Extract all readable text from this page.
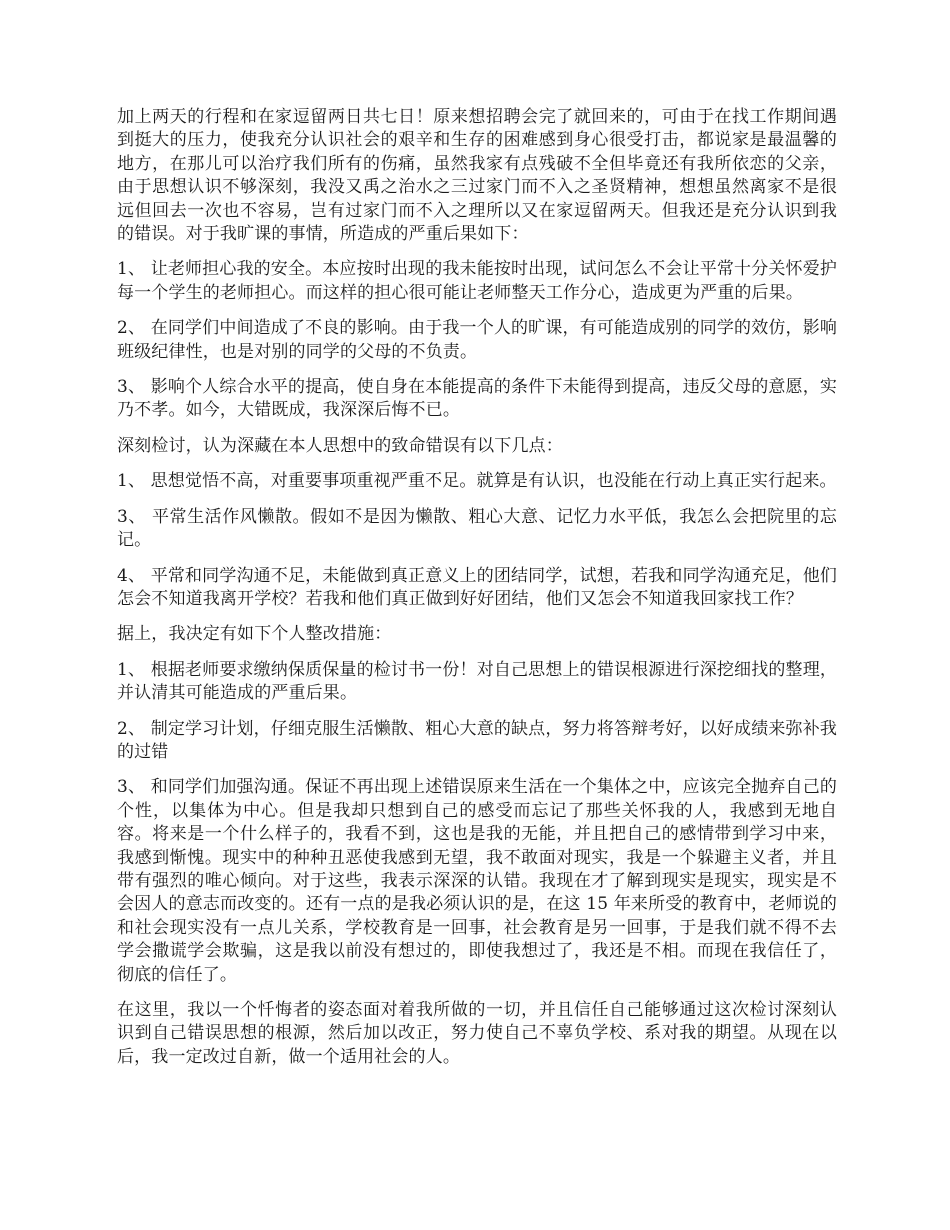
加上两天的行程和在家逗留两日共七日！原来想招聘会完了就回来的，可由于在找工作期间遇到挺大的压力，使我充分认识社会的艰辛和生存的困难感到身心很受打击，都说家是最温馨的地方，在那儿可以治疗我们所有的伤痛，虽然我家有点残破不全但毕竟还有我所依恋的父亲，由于思想认识不够深刻，我没又禹之治水之三过家门而不入之圣贤精神，想想虽然离家不是很远但回去一次也不容易，岂有过家门而不入之理所以又在家逗留两天。但我还是充分认识到我的错误。对于我旷课的事情，所造成的严重后果如下：

1、 让老师担心我的安全。本应按时出现的我未能按时出现，试问怎么不会让平常十分关怀爱护每一个学生的老师担心。而这样的担心很可能让老师整天工作分心，造成更为严重的后果。

2、 在同学们中间造成了不良的影响。由于我一个人的旷课，有可能造成别的同学的效仿，影响班级纪律性，也是对别的同学的父母的不负责。

3、 影响个人综合水平的提高，使自身在本能提高的条件下未能得到提高，违反父母的意愿，实乃不孝。如今，大错既成，我深深后悔不已。

深刻检讨，认为深藏在本人思想中的致命错误有以下几点：

1、 思想觉悟不高，对重要事项重视严重不足。就算是有认识，也没能在行动上真正实行起来。

3、 平常生活作风懒散。假如不是因为懒散、粗心大意、记忆力水平低，我怎么会把院里的忘记。

4、 平常和同学沟通不足，未能做到真正意义上的团结同学，试想，若我和同学沟通充足，他们怎会不知道我离开学校？若我和他们真正做到好好团结，他们又怎会不知道我回家找工作？

据上，我决定有如下个人整改措施：

1、 根据老师要求缴纳保质保量的检讨书一份！对自己思想上的错误根源进行深挖细找的整理，并认清其可能造成的严重后果。

2、 制定学习计划，仔细克服生活懒散、粗心大意的缺点，努力将答辩考好，以好成绩来弥补我的过错

3、 和同学们加强沟通。保证不再出现上述错误原来生活在一个集体之中，应该完全抛弃自己的个性，以集体为中心。但是我却只想到自己的感受而忘记了那些关怀我的人，我感到无地自容。将来是一个什么样子的，我看不到，这也是我的无能，并且把自己的感情带到学习中来，我感到惭愧。现实中的种种丑恶使我感到无望，我不敢面对现实，我是一个躲避主义者，并且带有强烈的唯心倾向。对于这些，我表示深深的认错。我现在才了解到现实是现实，现实是不会因人的意志而改变的。还有一点的是我必须认识的是，在这 15 年来所受的教育中，老师说的和社会现实没有一点儿关系，学校教育是一回事，社会教育是另一回事，于是我们就不得不去学会撒谎学会欺骗，这是我以前没有想过的，即使我想过了，我还是不相。而现在我信任了，彻底的信任了。

在这里，我以一个忏悔者的姿态面对着我所做的一切，并且信任自己能够通过这次检讨深刻认识到自己错误思想的根源，然后加以改正，努力使自己不辜负学校、系对我的期望。从现在以后，我一定改过自新，做一个适用社会的人。
